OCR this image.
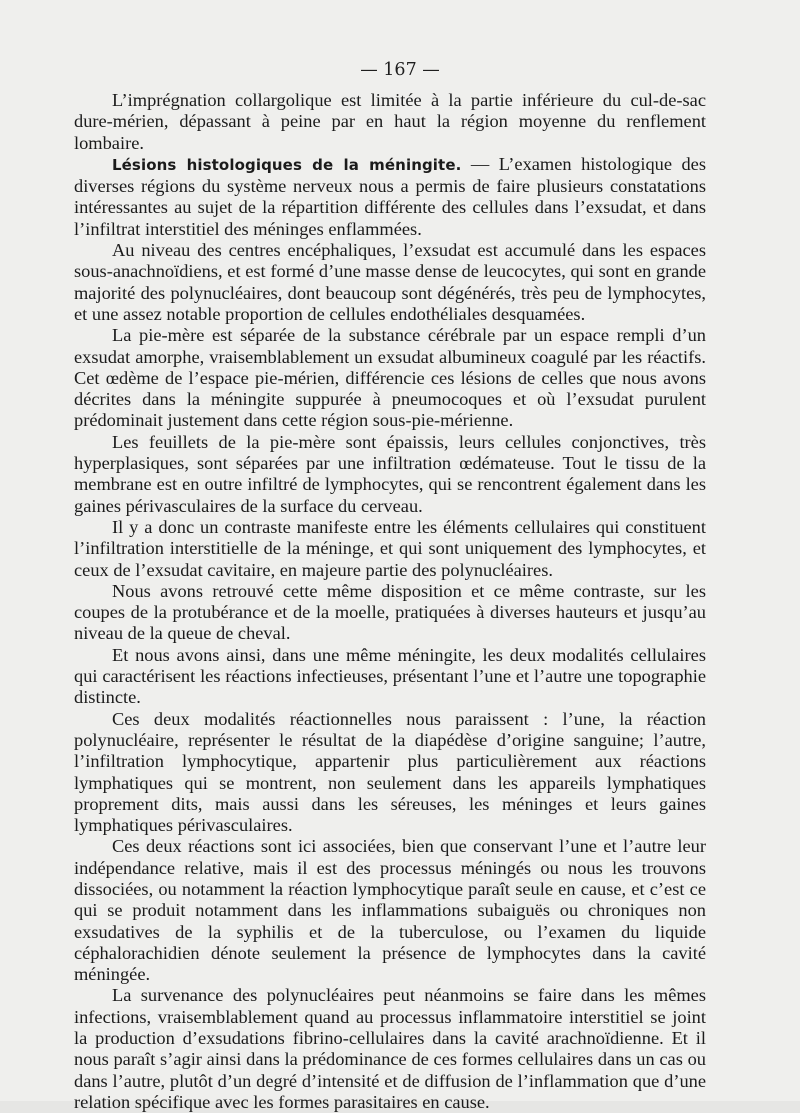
— 167 —

L’imprégnation collargolique est limitée à la partie inférieure du cul-de-sac dure-mérien, dépassant à peine par en haut la région moyenne du renflement lombaire.

Lésions histologiques de la méningite. — L’examen histologique des diverses régions du système nerveux nous a permis de faire plusieurs constatations intéressantes au sujet de la répartition différente des cellules dans l’exsudat, et dans l’infiltrat interstitiel des méninges enflammées.

Au niveau des centres encéphaliques, l’exsudat est accumulé dans les espaces sous-anachnoïdiens, et est formé d’une masse dense de leucocytes, qui sont en grande majorité des polynucléaires, dont beaucoup sont dégénérés, très peu de lymphocytes, et une assez notable proportion de cellules endothéliales desquamées.

La pie-mère est séparée de la substance cérébrale par un espace rempli d’un exsudat amorphe, vraisemblablement un exsudat albumineux coagulé par les réactifs. Cet œdème de l’espace pie-mérien, différencie ces lésions de celles que nous avons décrites dans la méningite suppurée à pneumocoques et où l’exsudat purulent prédominait justement dans cette région sous-pie-mérienne.

Les feuillets de la pie-mère sont épaissis, leurs cellules conjonctives, très hyperplasiques, sont séparées par une infiltration œdémateuse. Tout le tissu de la membrane est en outre infiltré de lymphocytes, qui se rencontrent également dans les gaines périvasculaires de la surface du cerveau.

Il y a donc un contraste manifeste entre les éléments cellulaires qui constituent l’infiltration interstitielle de la méninge, et qui sont uniquement des lymphocytes, et ceux de l’exsudat cavitaire, en majeure partie des polynucléaires.

Nous avons retrouvé cette même disposition et ce même contraste, sur les coupes de la protubérance et de la moelle, pratiquées à diverses hauteurs et jusqu’au niveau de la queue de cheval.

Et nous avons ainsi, dans une même méningite, les deux modalités cellulaires qui caractérisent les réactions infectieuses, présentant l’une et l’autre une topographie distincte.

Ces deux modalités réactionnelles nous paraissent : l’une, la réaction polynucléaire, représenter le résultat de la diapédèse d’origine sanguine; l’autre, l’infiltration lymphocytique, appartenir plus particulièrement aux réactions lymphatiques qui se montrent, non seulement dans les appareils lymphatiques proprement dits, mais aussi dans les séreuses, les méninges et leurs gaines lymphatiques périvasculaires.

Ces deux réactions sont ici associées, bien que conservant l’une et l’autre leur indépendance relative, mais il est des processus méningés ou nous les trouvons dissociées, ou notamment la réaction lymphocytique paraît seule en cause, et c’est ce qui se produit notamment dans les inflammations subaiguës ou chroniques non exsudatives de la syphilis et de la tuberculose, ou l’examen du liquide céphalorachidien dénote seulement la présence de lymphocytes dans la cavité méningée.

La survenance des polynucléaires peut néanmoins se faire dans les mêmes infections, vraisemblablement quand au processus inflammatoire interstitiel se joint la production d’exsudations fibrino-cellulaires dans la cavité arachnoïdienne. Et il nous paraît s’agir ainsi dans la prédominance de ces formes cellulaires dans un cas ou dans l’autre, plutôt d’un degré d’intensité et de diffusion de l’inflammation que d’une relation spécifique avec les formes parasitaires en cause.
